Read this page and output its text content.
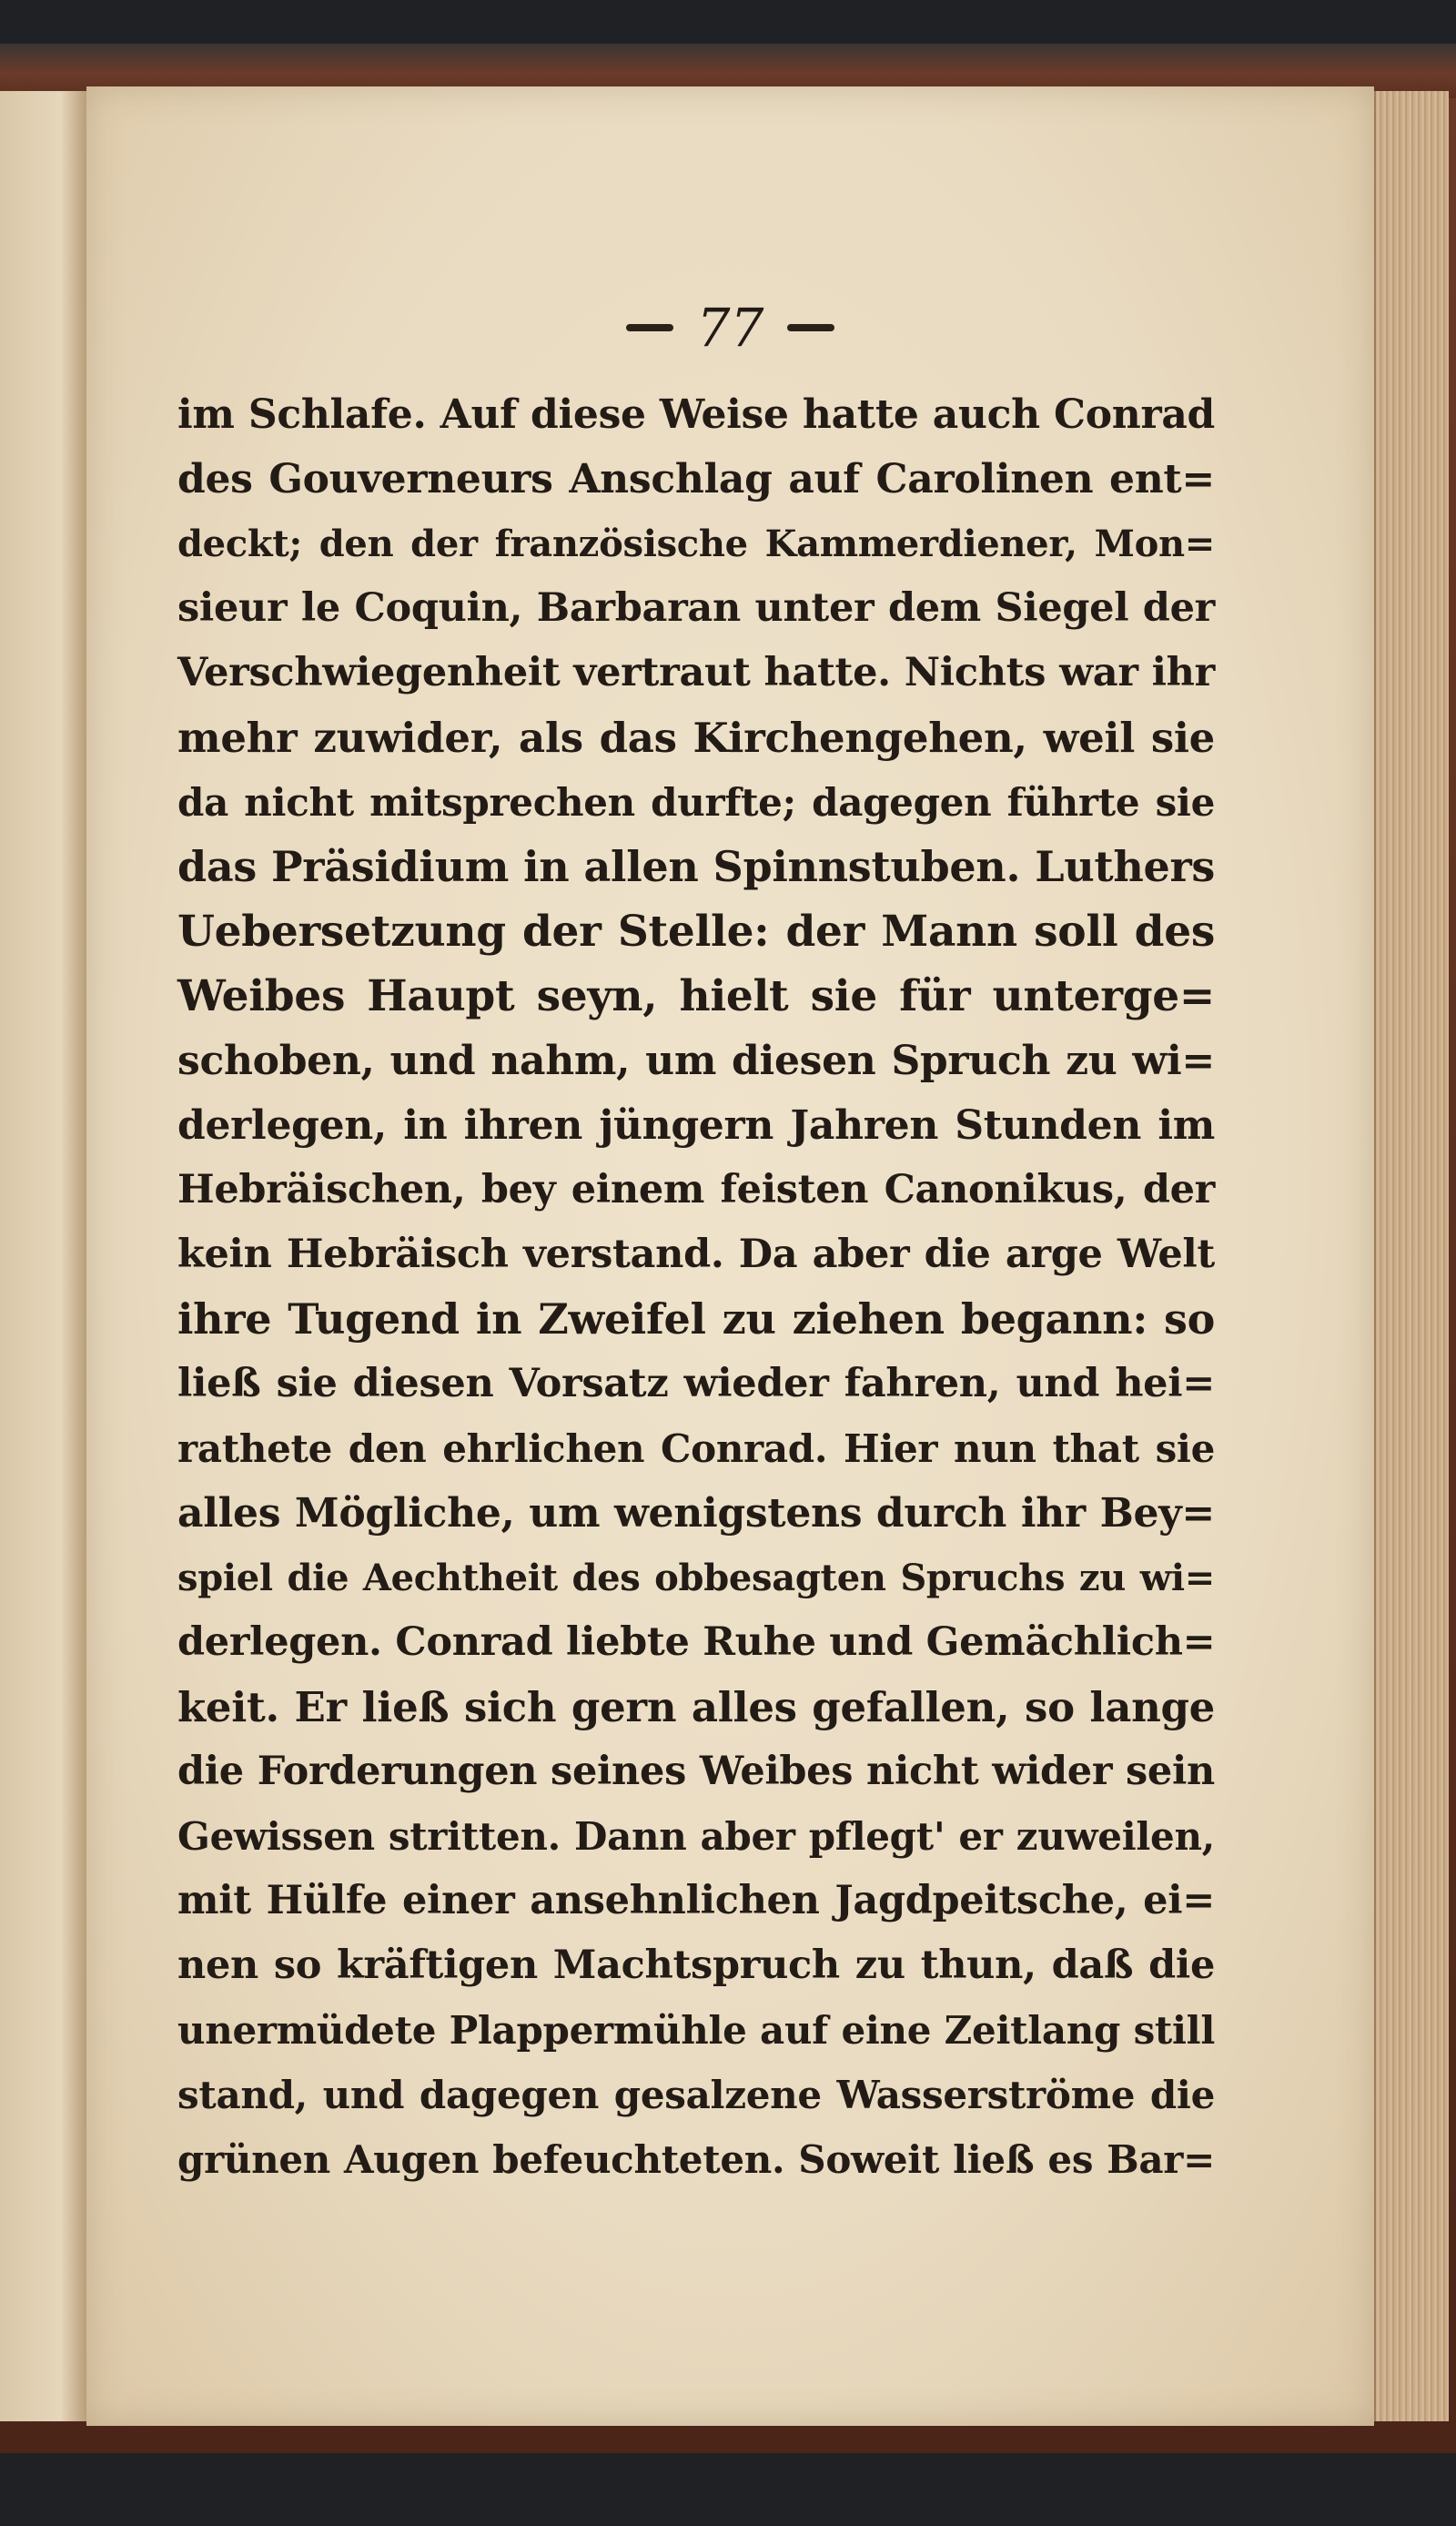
77
im Schlafe. Auf diese Weise hatte auch Conrad
des Gouverneurs Anschlag auf Carolinen ent=
deckt; den der französische Kammerdiener, Mon=
sieur le Coquin, Barbaran unter dem Siegel der
Verschwiegenheit vertraut hatte. Nichts war ihr
mehr zuwider, als das Kirchengehen, weil sie
da nicht mitsprechen durfte; dagegen führte sie
das Präsidium in allen Spinnstuben. Luthers
Uebersetzung der Stelle: der Mann soll des
Weibes Haupt seyn, hielt sie für unterge=
schoben, und nahm, um diesen Spruch zu wi=
derlegen, in ihren jüngern Jahren Stunden im
Hebräischen, bey einem feisten Canonikus, der
kein Hebräisch verstand. Da aber die arge Welt
ihre Tugend in Zweifel zu ziehen begann: so
ließ sie diesen Vorsatz wieder fahren, und hei=
rathete den ehrlichen Conrad. Hier nun that sie
alles Mögliche, um wenigstens durch ihr Bey=
spiel die Aechtheit des obbesagten Spruchs zu wi=
derlegen. Conrad liebte Ruhe und Gemächlich=
keit. Er ließ sich gern alles gefallen, so lange
die Forderungen seines Weibes nicht wider sein
Gewissen stritten. Dann aber pflegt' er zuweilen,
mit Hülfe einer ansehnlichen Jagdpeitsche, ei=
nen so kräftigen Machtspruch zu thun, daß die
unermüdete Plappermühle auf eine Zeitlang still
stand, und dagegen gesalzene Wasserströme die
grünen Augen befeuchteten. Soweit ließ es Bar=
